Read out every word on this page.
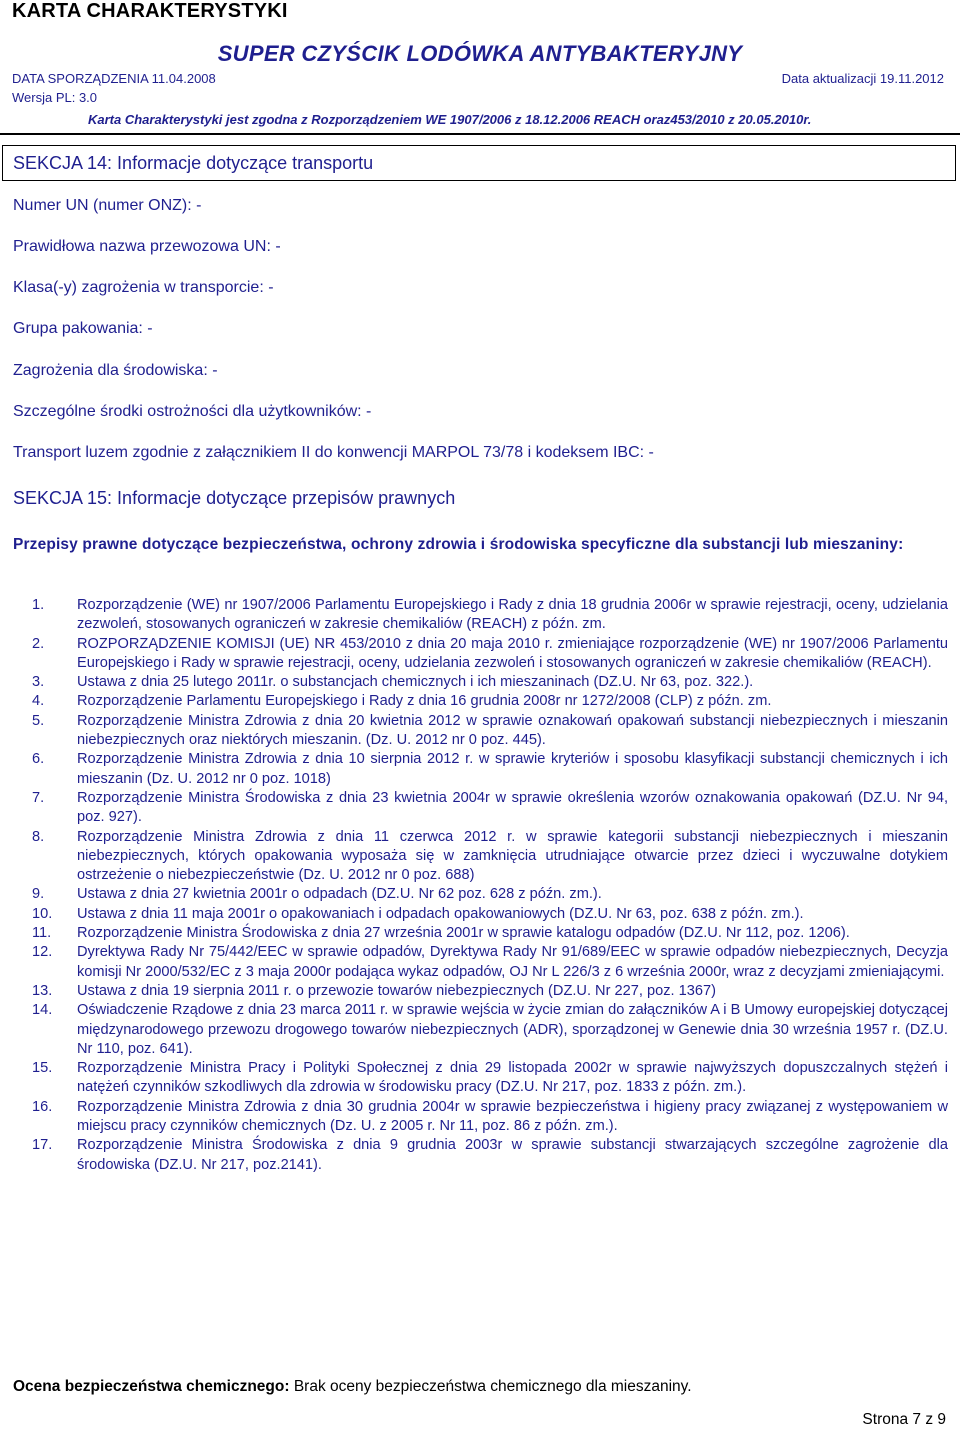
KARTA CHARAKTERYSTYKI
SUPER CZYŚCIK LODÓWKA ANTYBAKTERYJNY
DATA SPORZĄDZENIA 11.04.2008	Data aktualizacji 19.11.2012
Wersja PL: 3.0
Karta Charakterystyki jest zgodna z Rozporządzeniem WE 1907/2006 z 18.12.2006 REACH oraz453/2010 z 20.05.2010r.
SEKCJA 14: Informacje dotyczące transportu
Numer UN (numer ONZ): -
Prawidłowa nazwa przewozowa UN: -
Klasa(-y) zagrożenia w transporcie: -
Grupa pakowania: -
Zagrożenia dla środowiska: -
Szczególne środki ostrożności dla użytkowników: -
Transport luzem zgodnie z załącznikiem II do konwencji MARPOL 73/78 i kodeksem IBC: -
SEKCJA 15: Informacje dotyczące przepisów prawnych
Przepisy prawne dotyczące bezpieczeństwa, ochrony zdrowia i środowiska specyficzne dla substancji lub mieszaniny:
1. Rozporządzenie (WE) nr 1907/2006 Parlamentu Europejskiego i Rady z dnia 18 grudnia 2006r w sprawie rejestracji, oceny, udzielania zezwoleń, stosowanych ograniczeń w zakresie chemikaliów (REACH) z późn. zm.
2. ROZPORZĄDZENIE KOMISJI (UE) NR 453/2010 z dnia 20 maja 2010 r. zmieniające rozporządzenie (WE) nr 1907/2006 Parlamentu Europejskiego i Rady w sprawie rejestracji, oceny, udzielania zezwoleń i stosowanych ograniczeń w zakresie chemikaliów (REACH).
3. Ustawa z dnia 25 lutego 2011r. o substancjach chemicznych i ich mieszaninach (DZ.U. Nr 63, poz. 322.).
4. Rozporządzenie Parlamentu Europejskiego i Rady z dnia 16 grudnia 2008r nr 1272/2008 (CLP) z późn. zm.
5. Rozporządzenie Ministra Zdrowia z dnia 20 kwietnia 2012 w sprawie oznakowań opakowań substancji niebezpiecznych i mieszanin niebezpiecznych oraz niektórych mieszanin. (Dz. U. 2012 nr 0 poz. 445).
6. Rozporządzenie Ministra Zdrowia z dnia 10 sierpnia 2012 r. w sprawie kryteriów i sposobu klasyfikacji substancji chemicznych i ich mieszanin (Dz. U. 2012 nr 0 poz. 1018)
7. Rozporządzenie Ministra Środowiska z dnia 23 kwietnia 2004r w sprawie określenia wzorów oznakowania opakowań (DZ.U. Nr 94, poz. 927).
8. Rozporządzenie Ministra Zdrowia z dnia 11 czerwca 2012 r. w sprawie kategorii substancji niebezpiecznych i mieszanin niebezpiecznych, których opakowania wyposaża się w zamknięcia utrudniające otwarcie przez dzieci i wyczuwalne dotykiem ostrzeżenie o niebezpieczeństwie (Dz. U. 2012 nr 0 poz. 688)
9. Ustawa z dnia 27 kwietnia 2001r o odpadach (DZ.U. Nr 62 poz. 628 z późn. zm.).
10. Ustawa z dnia 11 maja 2001r o opakowaniach i odpadach opakowaniowych (DZ.U. Nr 63, poz. 638 z późn. zm.).
11. Rozporządzenie Ministra Środowiska z dnia 27 września 2001r w sprawie katalogu odpadów (DZ.U. Nr 112, poz. 1206).
12. Dyrektywa Rady Nr 75/442/EEC w sprawie odpadów, Dyrektywa Rady Nr 91/689/EEC w sprawie odpadów niebezpiecznych, Decyzja komisji Nr 2000/532/EC z 3 maja 2000r podająca wykaz odpadów, OJ Nr L 226/3 z 6 września 2000r, wraz z decyzjami zmieniającymi.
13. Ustawa z dnia 19 sierpnia 2011 r. o przewozie towarów niebezpiecznych (DZ.U. Nr 227, poz. 1367)
14. Oświadczenie Rządowe z dnia 23 marca 2011 r. w sprawie wejścia w życie zmian do załączników A i B Umowy europejskiej dotyczącej międzynarodowego przewozu drogowego towarów niebezpiecznych (ADR), sporządzonej w Genewie dnia 30 września 1957 r. (DZ.U. Nr 110, poz. 641).
15. Rozporządzenie Ministra Pracy i Polityki Społecznej z dnia 29 listopada 2002r w sprawie najwyższych dopuszczalnych stężeń i natężeń czynników szkodliwych dla zdrowia w środowisku pracy (DZ.U. Nr 217, poz. 1833 z późn. zm.).
16. Rozporządzenie Ministra Zdrowia z dnia 30 grudnia 2004r w sprawie bezpieczeństwa i higieny pracy związanej z występowaniem w miejscu pracy czynników chemicznych (Dz. U. z 2005 r. Nr 11, poz. 86 z późn. zm.).
17. Rozporządzenie Ministra Środowiska z dnia 9 grudnia 2003r w sprawie substancji stwarzających szczególne zagrożenie dla środowiska (DZ.U. Nr 217, poz.2141).
Ocena bezpieczeństwa chemicznego: Brak oceny bezpieczeństwa chemicznego dla mieszaniny.
Strona 7 z 9
